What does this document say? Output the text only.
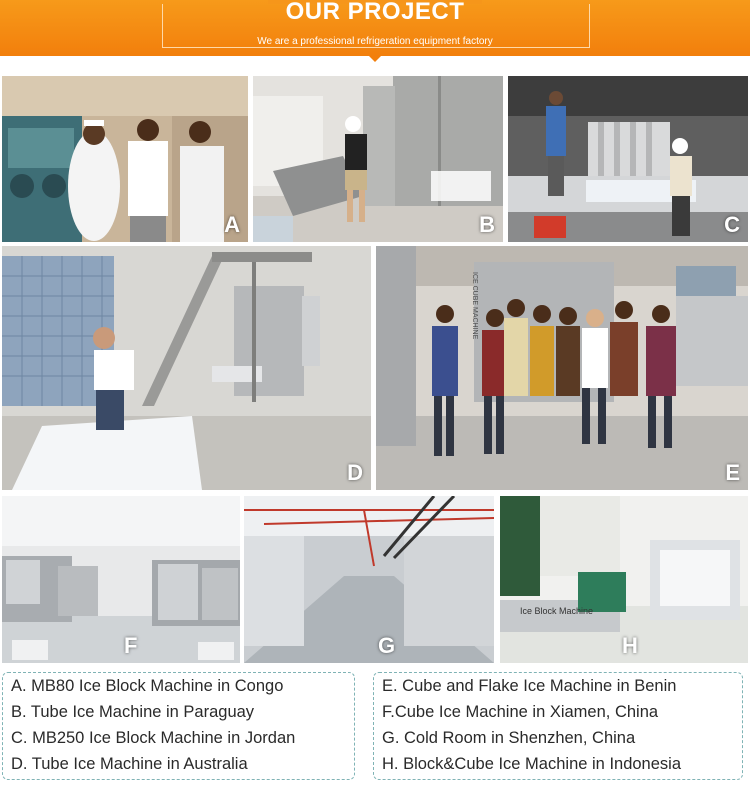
OUR PROJECT
We are a professional refrigeration equipment factory
A	B	C
D
ICE CUBE MACHINE
E
F	G
Ice Block Machine
H
A. MB80 Ice Block Machine in Congo
B. Tube Ice Machine in Paraguay
C. MB250 Ice Block Machine in Jordan
D. Tube Ice Machine in Australia
E. Cube and Flake Ice Machine in Benin
F.Cube Ice Machine in Xiamen, China
G. Cold Room in Shenzhen, China
H. Block&Cube Ice Machine in Indonesia
